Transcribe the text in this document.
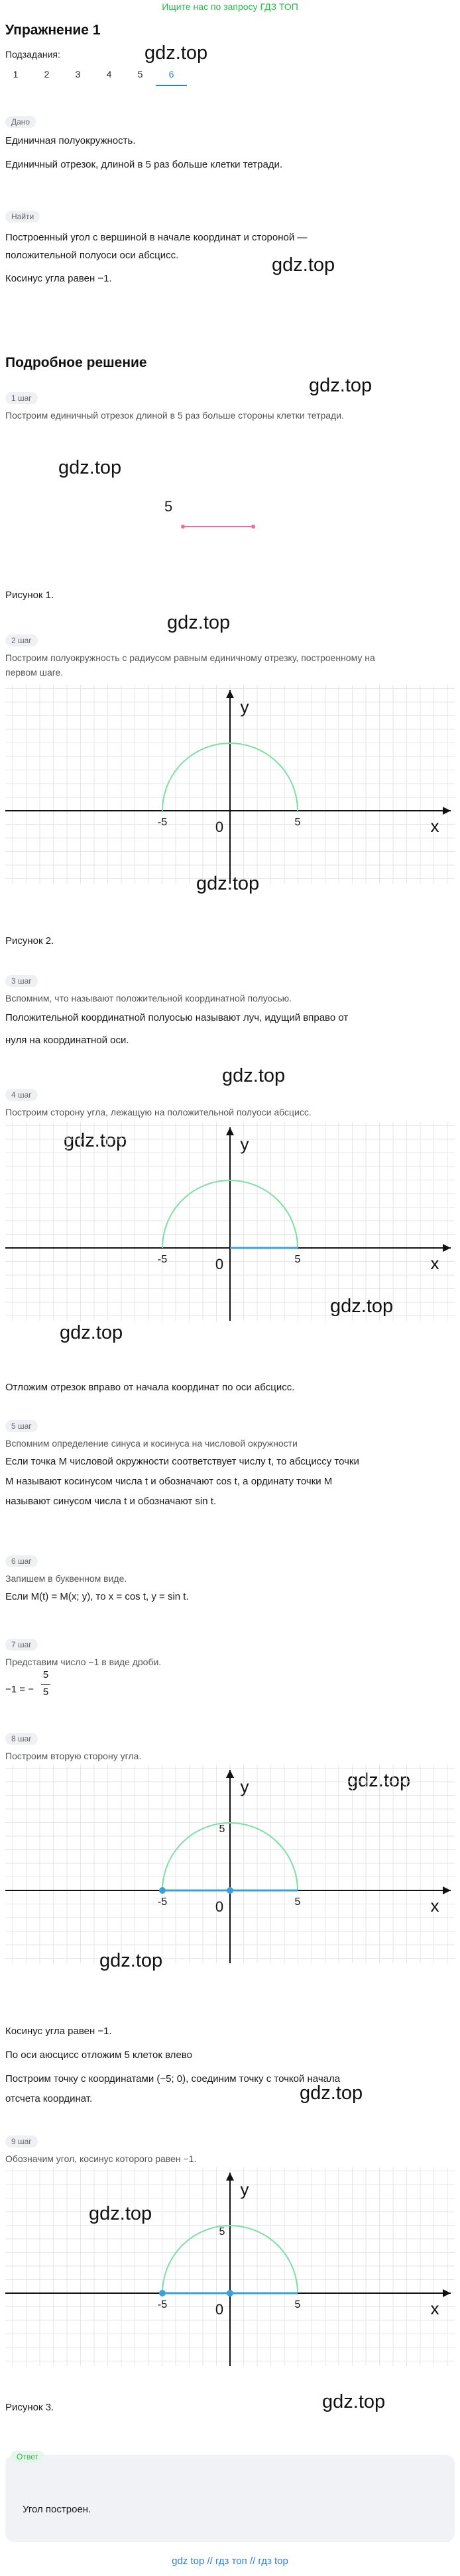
Ищите нас по запросу ГДЗ ТОП
Упражнение 1
Подзадания:	gdz.top
1	2	3	4	5	6
Дано
Единичная полуокружность.
Единичный отрезок, длиной в 5 раз больше клетки тетради.
Найти
Построенный угол с вершиной в начале координат и стороной —
положительной полуоси оси абсцисс.	gdz.top
Косинус угла равен −1.
Подробное решение
gdz.top
1 шаг
Построим единичный отрезок длиной в 5 раз больше стороны клетки тетради.
gdz.top
5
Рисунок 1.
gdz.top
2 шаг
Построим полуокружность с радиусом равным единичному отрезку, построенному на
первом шаге.
x
y
0
-5	5
gdz.top
Рисунок 2.
3 шаг
Вспомним, что называют положительной координатной полуосью.
Положительной координатной полуосью называют луч, идущий вправо от
нуля на координатной оси.
gdz.top
4 шаг
Построим сторону угла, лежащую на положительной полуоси абсцисс.
gdz.top
x
y
0
-5	5
gdz.top
gdz.top
Отложим отрезок вправо от начала координат по оси абсцисс.
5 шаг
Вспомним определение синуса и косинуса на числовой окружности
Если точка M числовой окружности соответствует числу t, то абсциссу точки
M называют косинусом числа t и обозначают cos t, а ординату точки M
называют синусом числа t и обозначают sin t.
6 шаг
Запишем в буквенном виде.
Если M(t) = M(x; y), то x = cos t, y = sin t.
7 шаг
Представим число −1 в виде дроби.
−1 = −
5
5
8 шаг
Построим вторую сторону угла.
gdz.top
x
y
0
-5	5
5
gdz.top
Косинус угла равен −1.
По оси аюсцисс отложим 5 клеток влево
Построим точку с координатами (−5; 0), соединим точку с точкой начала
gdz.top
отсчета координат.
9 шаг
Обозначим угол, косинус которого равен −1.
x
y
0
-5	5
5
gdz.top
gdz.top
Рисунок 3.
Ответ
Угол построен.
gdz top // гдз топ // гдз top
